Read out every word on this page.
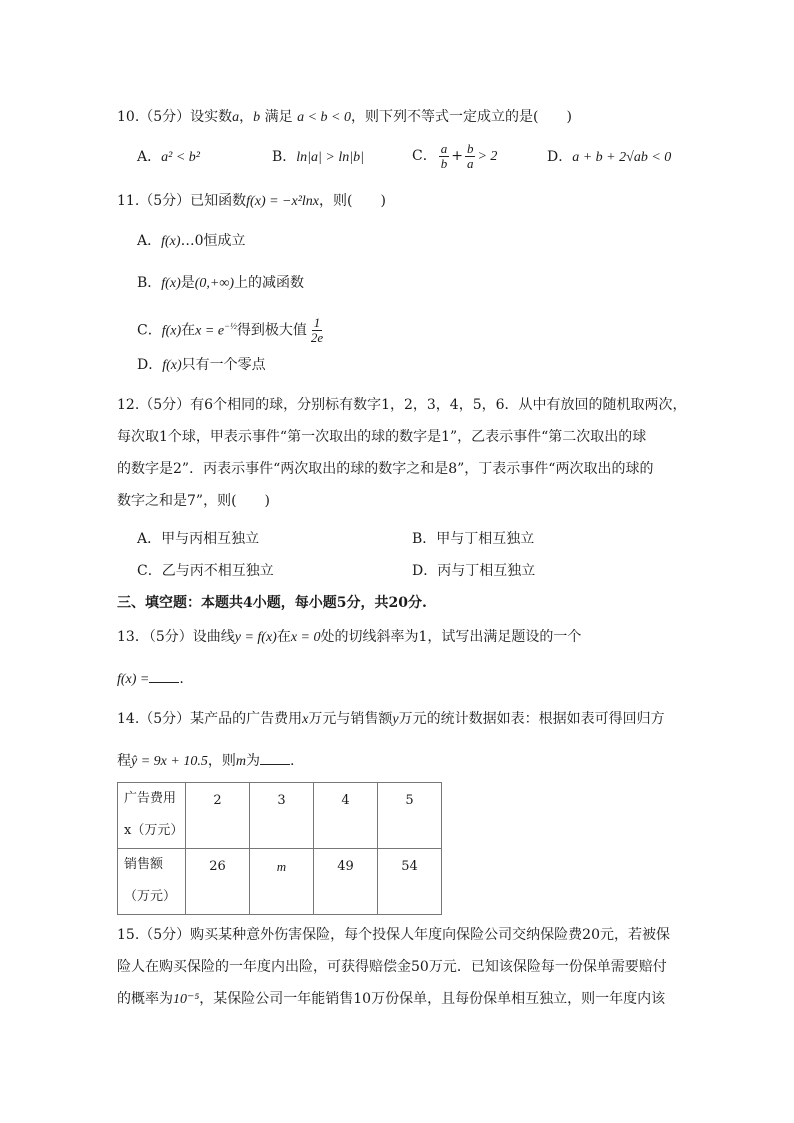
10.（5分）设实数a，b 满足 a < b < 0，则下列不等式一定成立的是(　　)
A．a² < b²	B．ln|a| > ln|b|	C． $\frac{a}{b} + \frac{b}{a} > 2$	D．a + b + 2√ab < 0
11.（5分）已知函数f(x) = −x²lnx，则(　　)
A．f(x)…0恒成立
B．f(x)是(0,+∞)上的减函数
C．f(x)在$x = e^{-\frac{1}{2}}$得到极大值 $\frac{1}{2e}$
D．f(x)只有一个零点
12.（5分）有6个相同的球，分别标有数字1，2，3，4，5，6．从中有放回的随机取两次，
每次取1个球，甲表示事件“第一次取出的球的数字是1”，乙表示事件“第二次取出的球
的数字是2”．丙表示事件“两次取出的球的数字之和是8”，丁表示事件“两次取出的球的
数字之和是7”，则(　　)
A．甲与丙相互独立	B．甲与丁相互独立
C．乙与丙不相互独立	D．丙与丁相互独立
三、填空题：本题共4小题，每小题5分，共20分.
13．（5分）设曲线y = f(x)在x = 0处的切线斜率为1，试写出满足题设的一个
f(x) = .
14.（5分）某产品的广告费用x万元与销售额y万元的统计数据如表：根据如表可得回归方
程ŷ = 9x + 10.5，则m为 .
广告费用
x（万元）	2	3	4	5

销售额
（万元）	26	m	49	54
15.（5分）购买某种意外伤害保险，每个投保人年度向保险公司交纳保险费20元，若被保
险人在购买保险的一年度内出险，可获得赔偿金50万元．已知该保险每一份保单需要赔付
的概率为10⁻⁵，某保险公司一年能销售10万份保单，且每份保单相互独立，则一年度内该
